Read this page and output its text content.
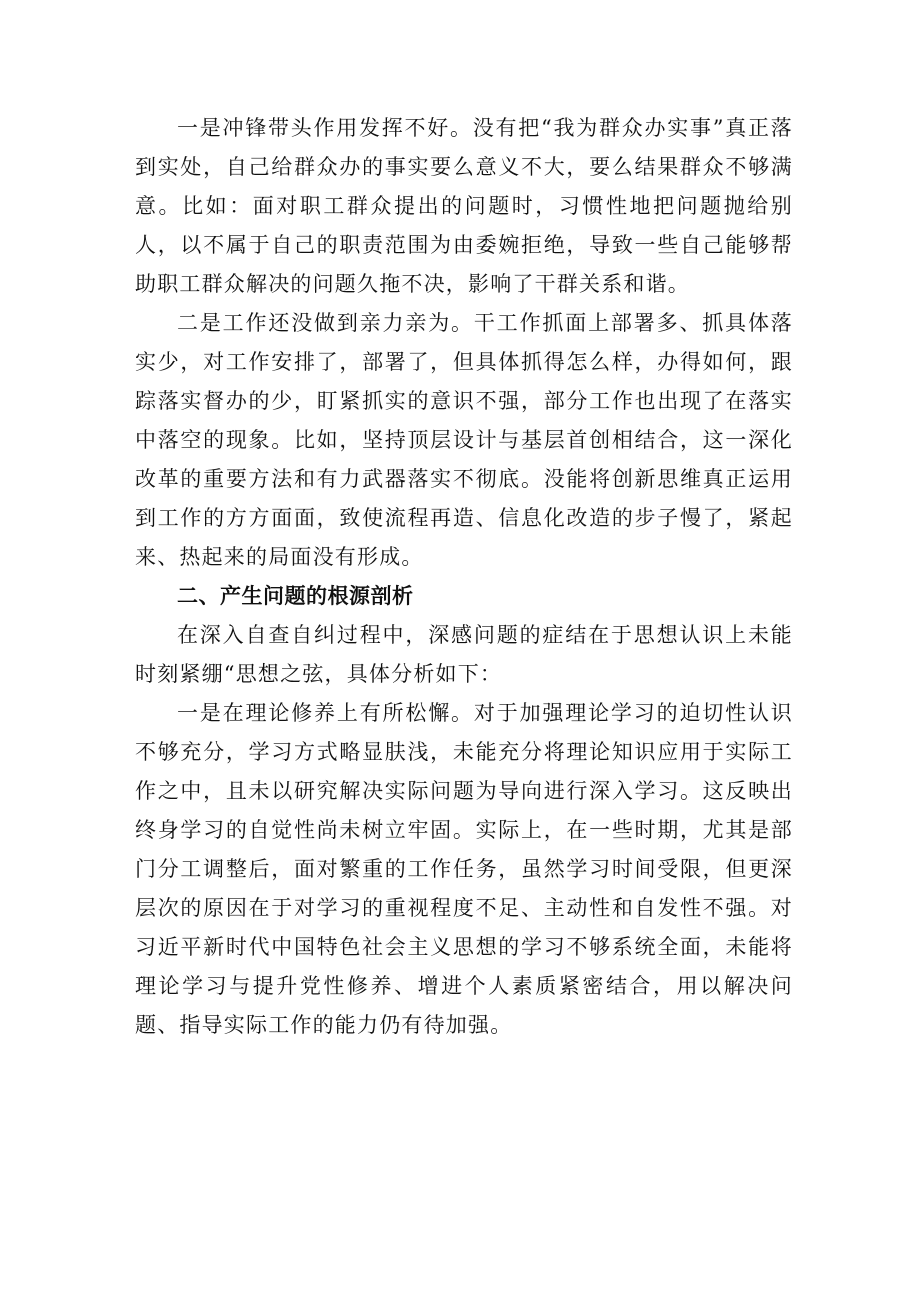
一是冲锋带头作用发挥不好。没有把“我为群众办实事”真正落到实处，自己给群众办的事实要么意义不大，要么结果群众不够满意。比如：面对职工群众提出的问题时，习惯性地把问题抛给别人，以不属于自己的职责范围为由委婉拒绝，导致一些自己能够帮助职工群众解决的问题久拖不决，影响了干群关系和谐。

二是工作还没做到亲力亲为。干工作抓面上部署多、抓具体落实少，对工作安排了，部署了，但具体抓得怎么样，办得如何，跟踪落实督办的少，盯紧抓实的意识不强，部分工作也出现了在落实中落空的现象。比如，坚持顶层设计与基层首创相结合，这一深化改革的重要方法和有力武器落实不彻底。没能将创新思维真正运用到工作的方方面面，致使流程再造、信息化改造的步子慢了，紧起来、热起来的局面没有形成。

二、产生问题的根源剖析

在深入自查自纠过程中，深感问题的症结在于思想认识上未能时刻紧绷“思想之弦，具体分析如下：

一是在理论修养上有所松懈。对于加强理论学习的迫切性认识不够充分，学习方式略显肤浅，未能充分将理论知识应用于实际工作之中，且未以研究解决实际问题为导向进行深入学习。这反映出终身学习的自觉性尚未树立牢固。实际上，在一些时期，尤其是部门分工调整后，面对繁重的工作任务，虽然学习时间受限，但更深层次的原因在于对学习的重视程度不足、主动性和自发性不强。对习近平新时代中国特色社会主义思想的学习不够系统全面，未能将理论学习与提升党性修养、增进个人素质紧密结合，用以解决问题、指导实际工作的能力仍有待加强。
